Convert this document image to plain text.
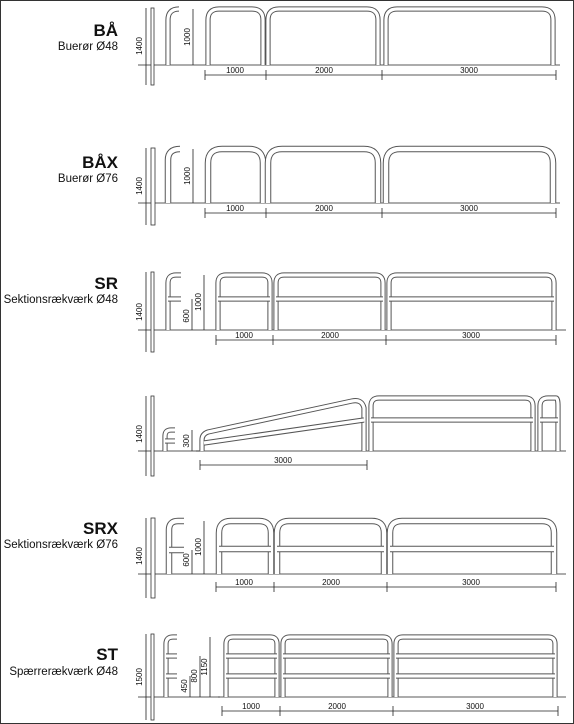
BÅ
Buerør Ø48 1400
1000
1000	2000	3000
BÅX
Buerør Ø76 1400
1000
1000	2000	3000
SR
Sektionsrækværk Ø48
1400	600
1000
1000	2000	3000
1400	300
3000
SRX
Sektionsrækværk Ø76
1400	600
1000
1000	2000	3000
ST
Spærrerækværk Ø48 1500
450
800
1150
1000	2000	3000
